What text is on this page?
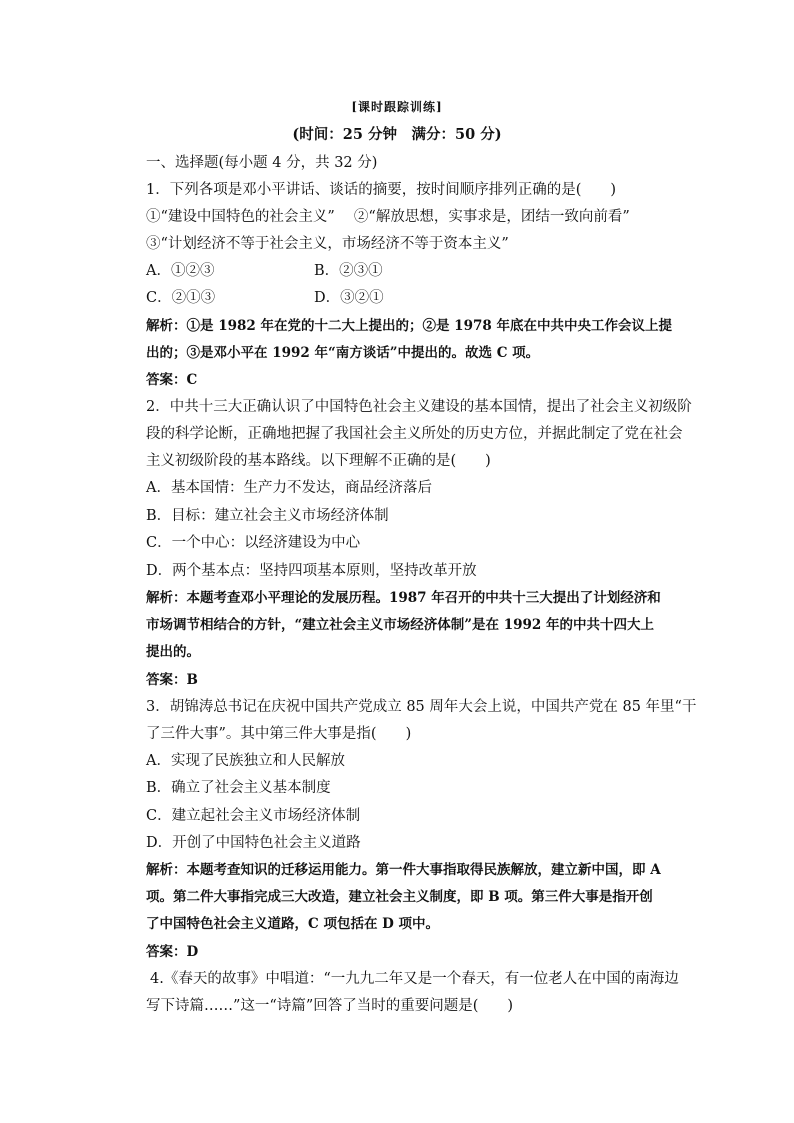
[课时跟踪训练]
(时间：25 分钟　满分：50 分)
一、选择题(每小题 4 分，共 32 分)
1．下列各项是邓小平讲话、谈话的摘要，按时间顺序排列正确的是(　　)
①“建设中国特色的社会主义”　 ②“解放思想，实事求是，团结一致向前看”
③“计划经济不等于社会主义，市场经济不等于资本主义”
A．①②③	B．②③①
C．②①③	D．③②①
解析：①是 1982 年在党的十二大上提出的；②是 1978 年底在中共中央工作会议上提
出的；③是邓小平在 1992 年“南方谈话”中提出的。故选 C 项。
答案：C
2．中共十三大正确认识了中国特色社会主义建设的基本国情，提出了社会主义初级阶
段的科学论断，正确地把握了我国社会主义所处的历史方位，并据此制定了党在社会
主义初级阶段的基本路线。以下理解不正确的是(　　)
A．基本国情：生产力不发达，商品经济落后
B．目标：建立社会主义市场经济体制
C．一个中心：以经济建设为中心
D．两个基本点：坚持四项基本原则，坚持改革开放
解析：本题考查邓小平理论的发展历程。1987 年召开的中共十三大提出了计划经济和
市场调节相结合的方针，“建立社会主义市场经济体制”是在 1992 年的中共十四大上
提出的。
答案：B
3．胡锦涛总书记在庆祝中国共产党成立 85 周年大会上说，中国共产党在 85 年里“干
了三件大事”。其中第三件大事是指(　　)
A．实现了民族独立和人民解放
B．确立了社会主义基本制度
C．建立起社会主义市场经济体制
D．开创了中国特色社会主义道路
解析：本题考查知识的迁移运用能力。第一件大事指取得民族解放，建立新中国，即 A
项。第二件大事指完成三大改造，建立社会主义制度，即 B 项。第三件大事是指开创
了中国特色社会主义道路，C 项包括在 D 项中。
答案：D
4.《春天的故事》中唱道：“一九九二年又是一个春天，有一位老人在中国的南海边
写下诗篇……”这一“诗篇”回答了当时的重要问题是(　　)
